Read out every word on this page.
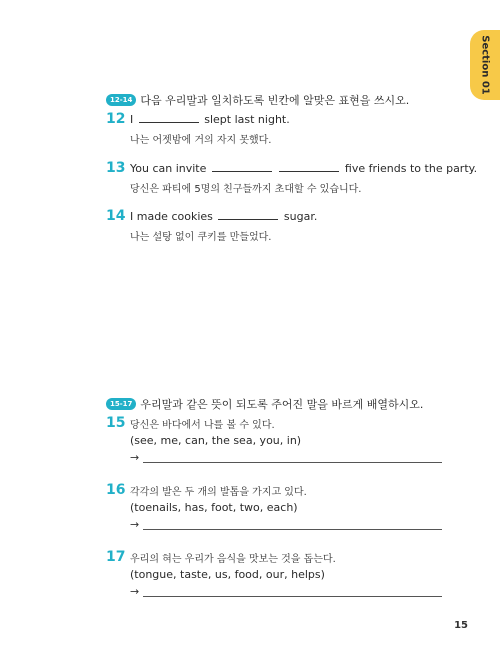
Section 01
12-14 다음 우리말과 일치하도록 빈칸에 알맞은 표현을 쓰시오.
12 I	slept last night.
나는 어젯밤에 거의 자지 못했다.
13 You can invite	five friends to the party.
당신은 파티에 5명의 친구들까지 초대할 수 있습니다.
14 I made cookies	sugar.
나는 설탕 없이 쿠키를 만들었다.
15-17 우리말과 같은 뜻이 되도록 주어진 말을 바르게 배열하시오.
15 당신은 바다에서 나를 볼 수 있다.
(see, me, can, the sea, you, in)
→
16 각각의 발은 두 개의 발톱을 가지고 있다.
(toenails, has, foot, two, each)
→
17 우리의 혀는 우리가 음식을 맛보는 것을 돕는다.
(tongue, taste, us, food, our, helps)
→
15
